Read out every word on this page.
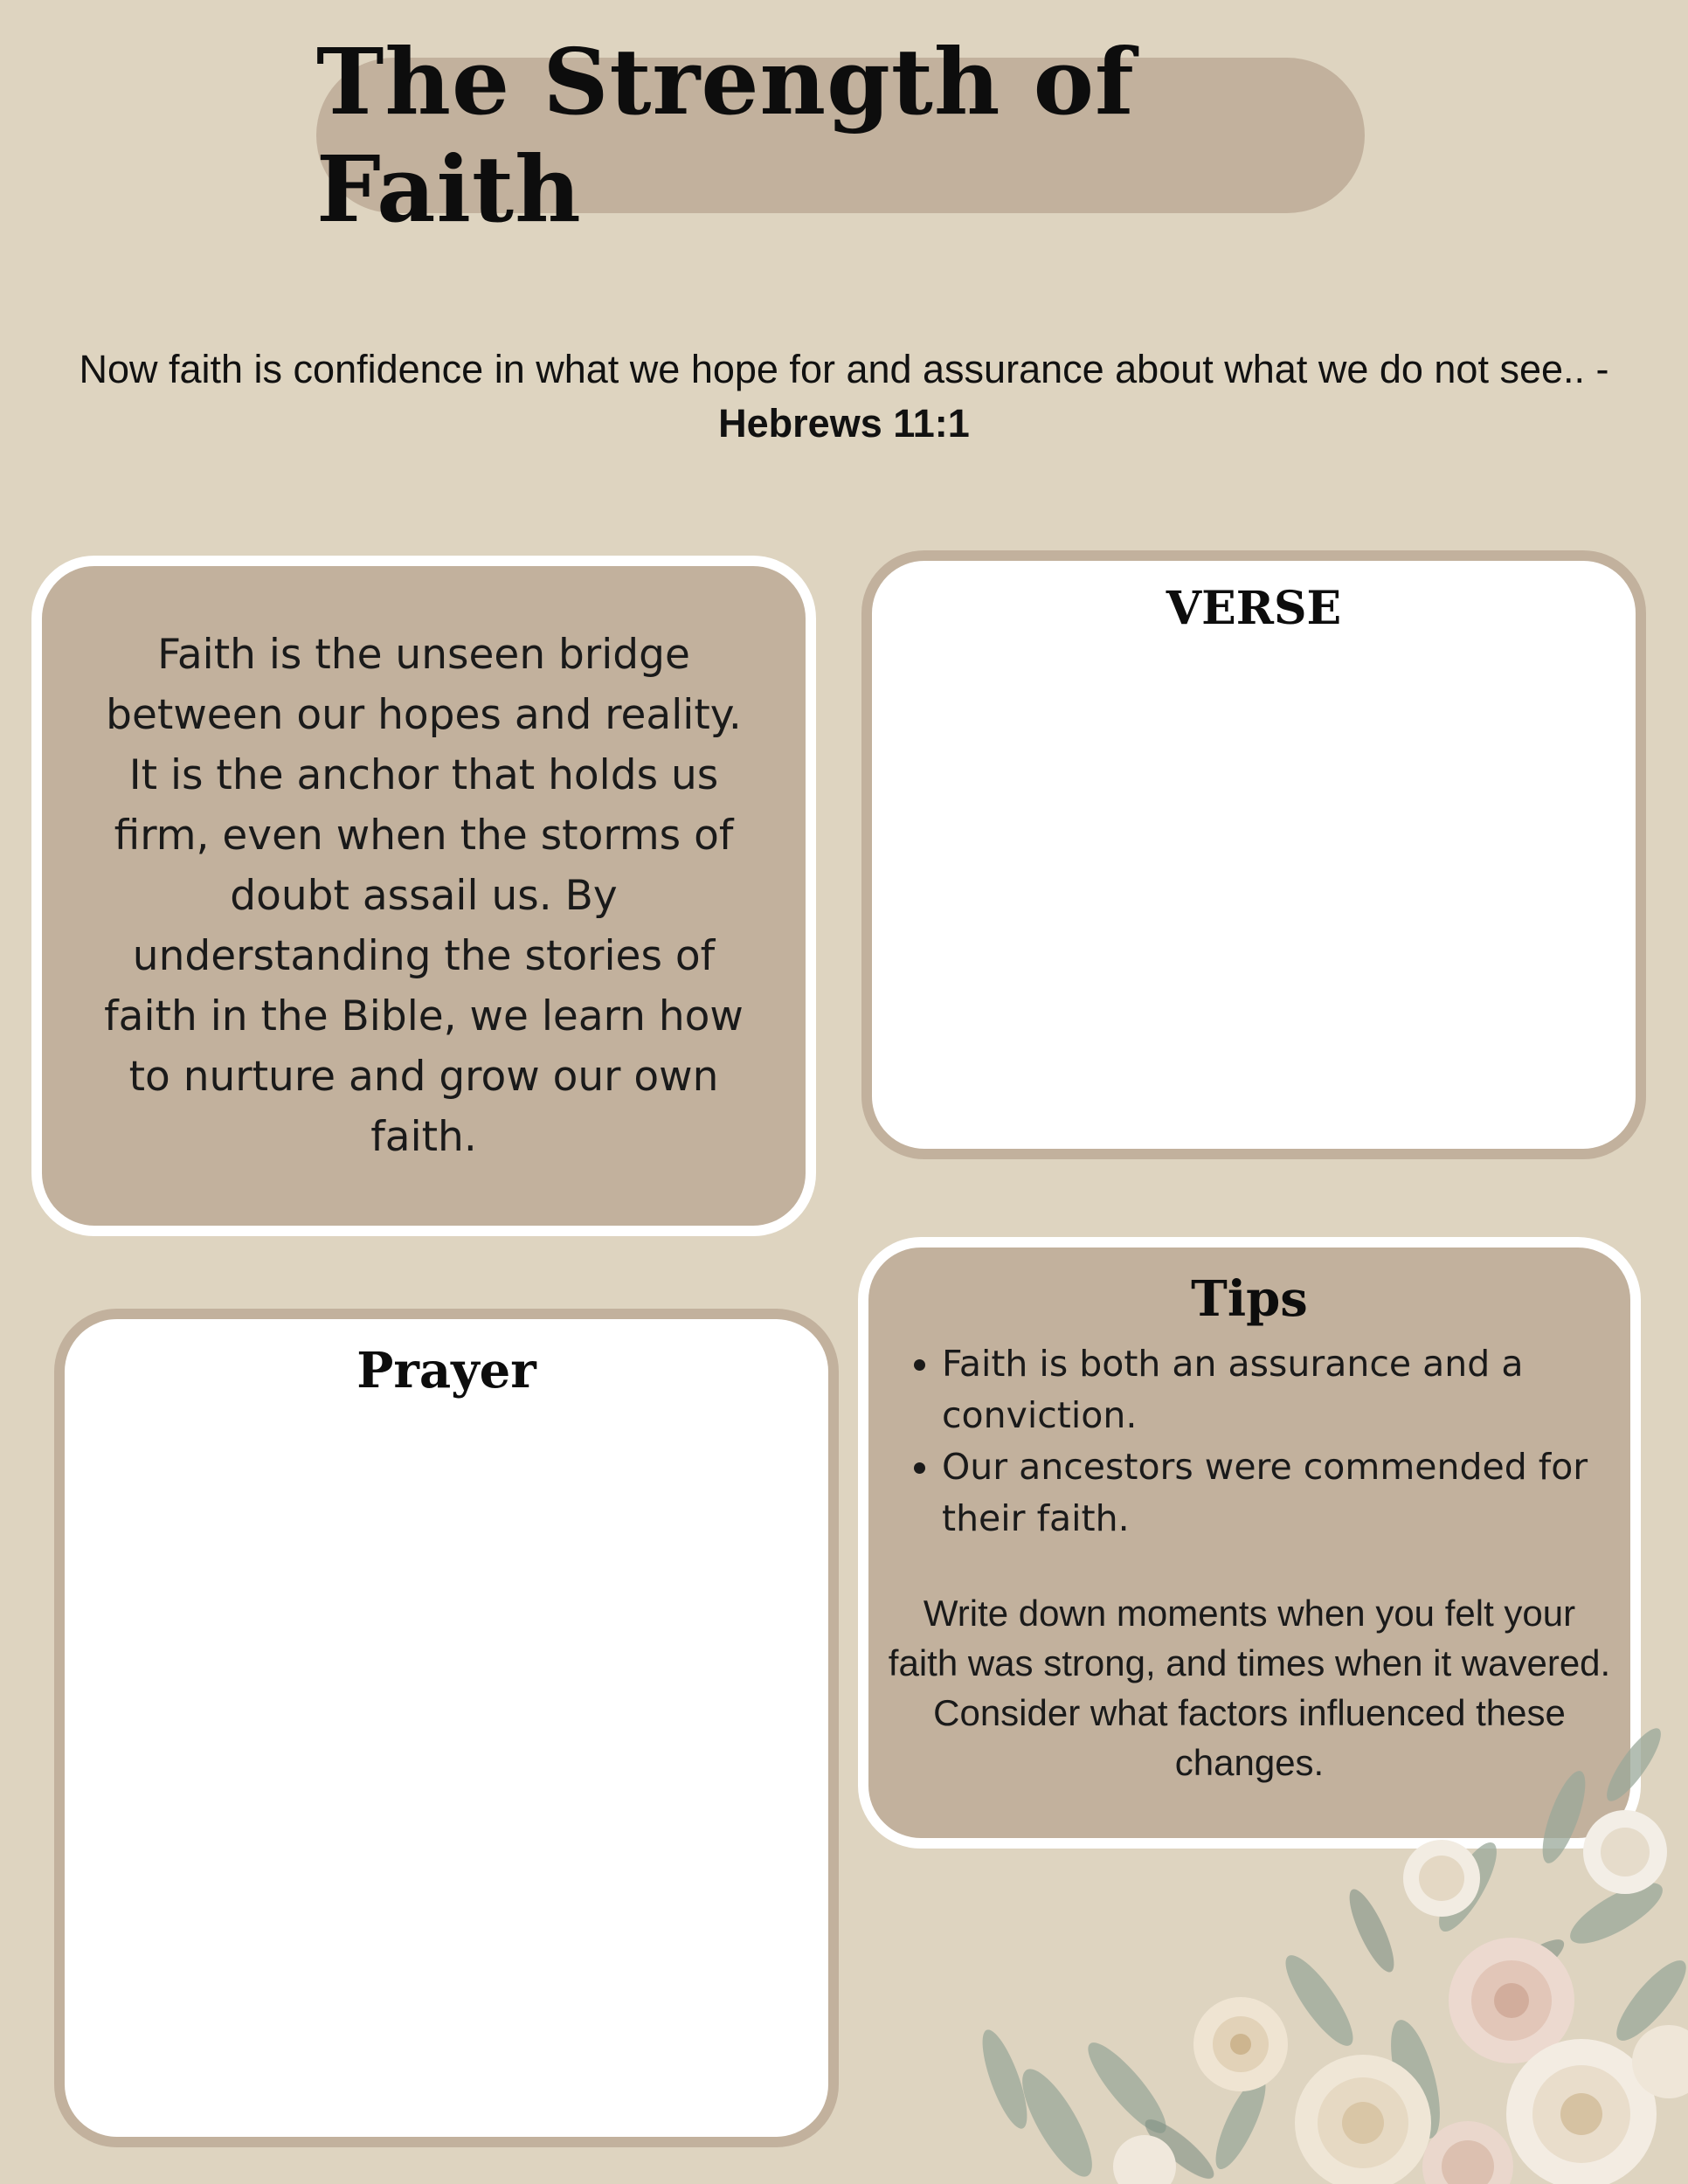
The Strength of Faith
Now faith is confidence in what we hope for and assurance about what we do not see.. - Hebrews 11:1

Faith is the unseen bridge between our hopes and reality. It is the anchor that holds us firm, even when the storms of doubt assail us. By understanding the stories of faith in the Bible, we learn how to nurture and grow our own faith.

VERSE
Tips
• Faith is both an assurance and a conviction.
• Our ancestors were commended for their faith.

Write down moments when you felt your faith was strong, and times when it wavered. Consider what factors influenced these changes.

Prayer
